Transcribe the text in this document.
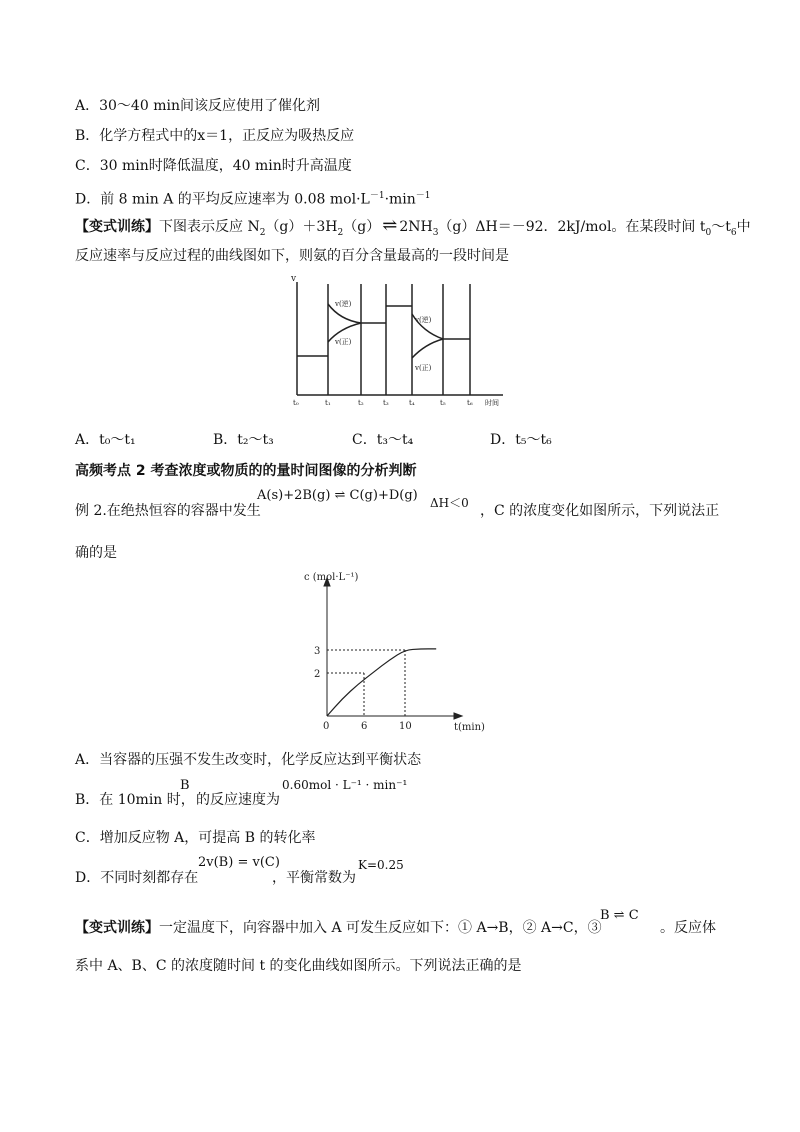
A．30～40 min间该反应使用了催化剂
B．化学方程式中的x＝1，正反应为吸热反应
C．30 min时降低温度，40 min时升高温度
D．前 8 min A 的平均反应速率为 0.08 $mol\cdot L^{-1}\cdot\min^{-1}$
【变式训练】下图表示反应 $N_2(g)+3H_2(g)$ ⇌ $2NH_3(g)\Delta H=-92$．2kJ/mol。在某段时间 $t_0\sim t_6$中
反应速率与反应过程的曲线图如下，则氨的百分含量最高的一段时间是
v
v(逆)
v(正)
v(逆)
v(正)
t₀	t₁	t₂	t₃	t₄	t₅	t₆ 时间
A．t₀～t₁	B．t₂～t₃	C．t₃～t₄	D．t₅～t₆
高频考点 2 考查浓度或物质的的量时间图像的分析判断
例 2.在绝热恒容的容器中发生
A(s)+2B(g) ⇌ C(g)+D(g) ΔH＜0 ，C 的浓度变化如图所示，下列说法正
确的是
c (mol·L⁻¹)
t(min)
0	6	10
2
3
A．当容器的压强不发生改变时，化学反应达到平衡状态
B．在 10min 时，
B
的反应速度为
0.60mol · L⁻¹ · min⁻¹
C．增加反应物 A，可提高 B 的转化率
D．不同时刻都存在
2v(B) = v(C)
，平衡常数为
K=0.25
【变式训练】一定温度下，向容器中加入 A 可发生反应如下：① A→B，② A→C，③
B ⇌ C
。反应体
系中 A、B、C 的浓度随时间 t 的变化曲线如图所示。下列说法正确的是
